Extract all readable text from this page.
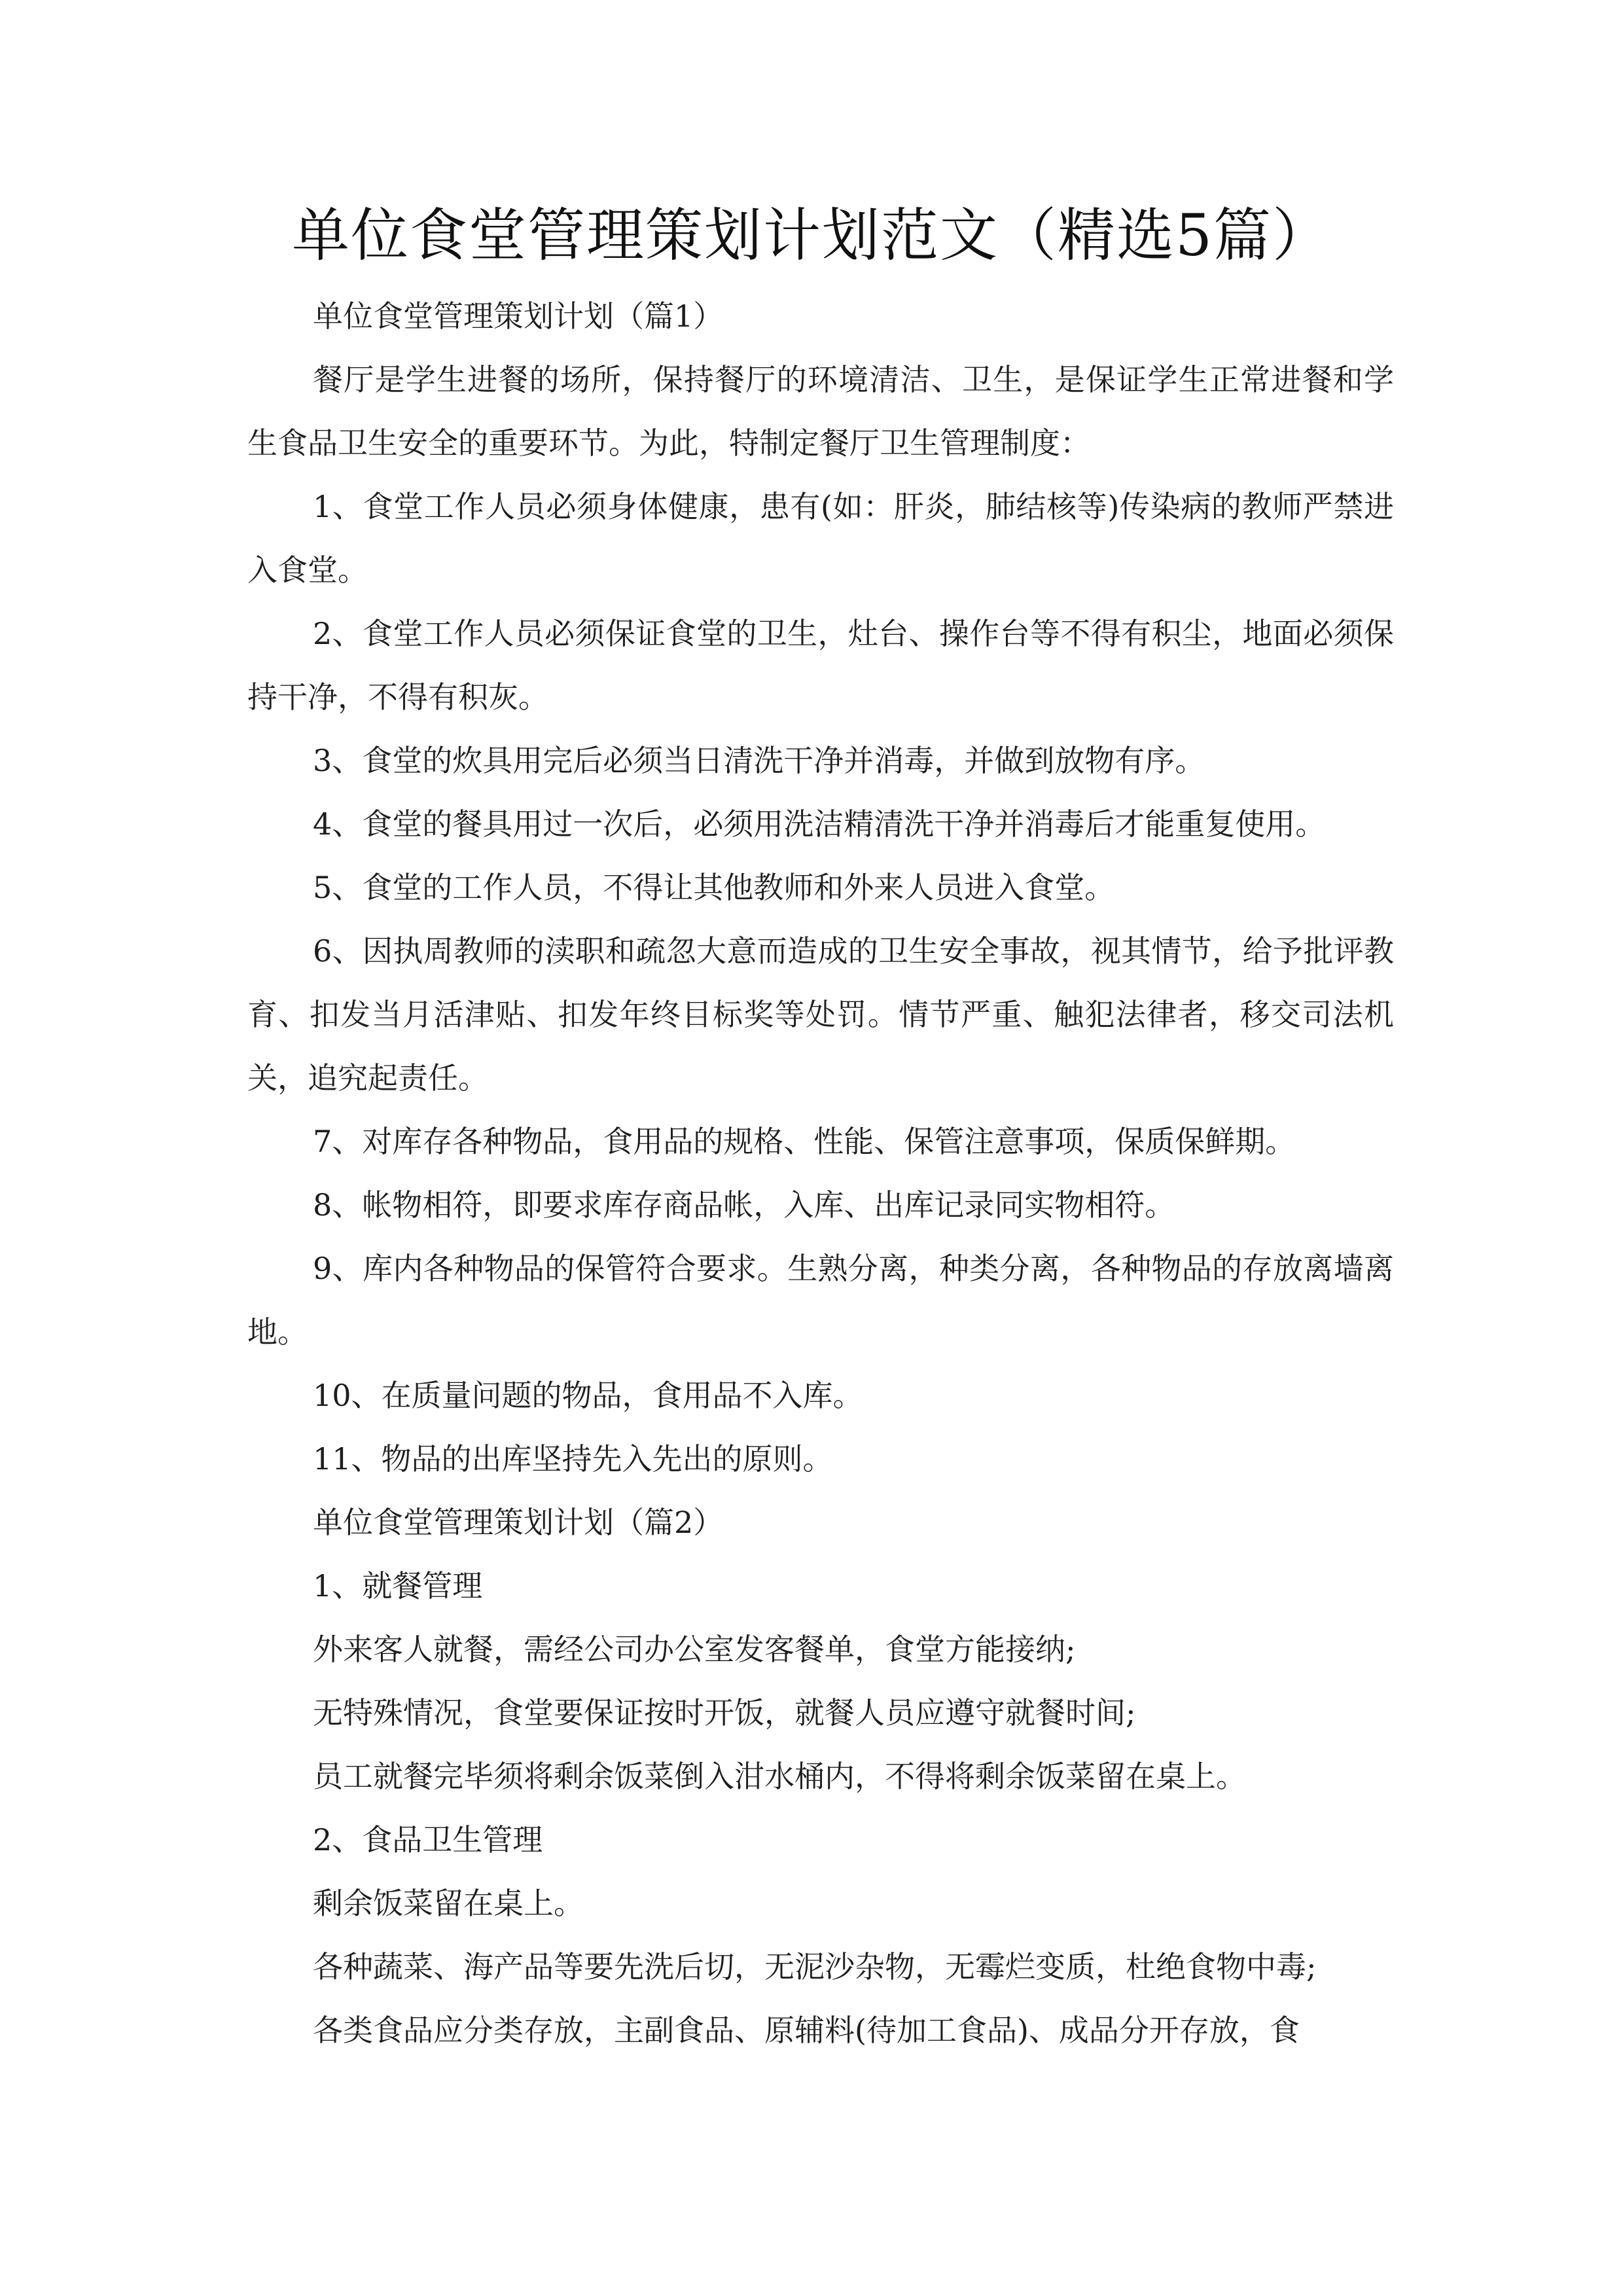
单位食堂管理策划计划范文（精选5篇）

单位食堂管理策划计划（篇1）

餐厅是学生进餐的场所，保持餐厅的环境清洁、卫生，是保证学生正常进餐和学生食品卫生安全的重要环节。为此，特制定餐厅卫生管理制度：

1、食堂工作人员必须身体健康，患有(如：肝炎，肺结核等)传染病的教师严禁进入食堂。

2、食堂工作人员必须保证食堂的卫生，灶台、操作台等不得有积尘，地面必须保持干净，不得有积灰。

3、食堂的炊具用完后必须当日清洗干净并消毒，并做到放物有序。

4、食堂的餐具用过一次后，必须用洗洁精清洗干净并消毒后才能重复使用。

5、食堂的工作人员，不得让其他教师和外来人员进入食堂。

6、因执周教师的渎职和疏忽大意而造成的卫生安全事故，视其情节，给予批评教育、扣发当月活津贴、扣发年终目标奖等处罚。情节严重、触犯法律者，移交司法机关，追究起责任。

7、对库存各种物品，食用品的规格、性能、保管注意事项，保质保鲜期。

8、帐物相符，即要求库存商品帐，入库、出库记录同实物相符。

9、库内各种物品的保管符合要求。生熟分离，种类分离，各种物品的存放离墙离地。

10、在质量问题的物品，食用品不入库。

11、物品的出库坚持先入先出的原则。

单位食堂管理策划计划（篇2）

1、就餐管理

外来客人就餐，需经公司办公室发客餐单，食堂方能接纳;

无特殊情况，食堂要保证按时开饭，就餐人员应遵守就餐时间;

员工就餐完毕须将剩余饭菜倒入泔水桶内，不得将剩余饭菜留在桌上。

2、食品卫生管理

剩余饭菜留在桌上。

各种蔬菜、海产品等要先洗后切，无泥沙杂物，无霉烂变质，杜绝食物中毒;

各类食品应分类存放，主副食品、原辅料(待加工食品)、成品分开存放，食
